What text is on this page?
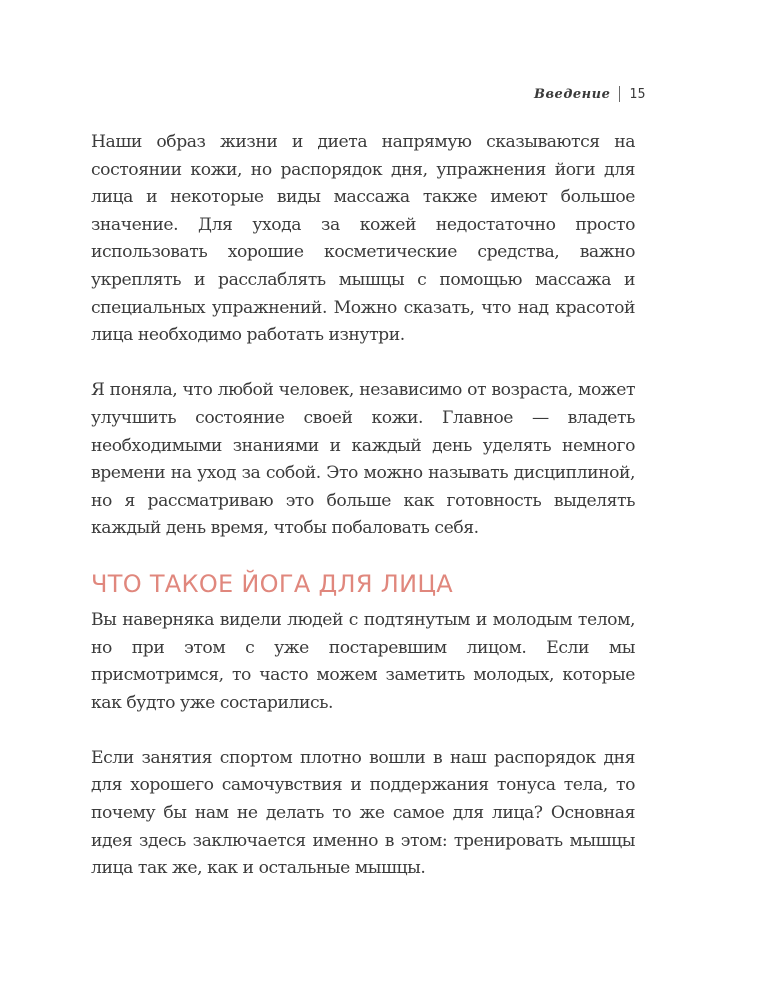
Введение 15

Наши образ жизни и диета напрямую сказываются на состоянии кожи, но распорядок дня, упражнения йоги для лица и некоторые виды массажа также имеют большое значение. Для ухода за кожей недостаточно просто использовать хорошие косметические средства, важно укреплять и расслаблять мышцы с помощью массажа и специальных упражнений. Можно сказать, что над красотой лица необходимо работать изнутри.

Я поняла, что любой человек, независимо от возраста, может улучшить состояние своей кожи. Главное — владеть необходимыми знаниями и каждый день уделять немного времени на уход за собой. Это можно называть дисциплиной, но я рассматриваю это больше как готовность выделять каждый день время, чтобы побаловать себя.

ЧТО ТАКОЕ ЙОГА ДЛЯ ЛИЦА

Вы наверняка видели людей с подтянутым и молодым телом, но при этом с уже постаревшим лицом. Если мы присмотримся, то часто можем заметить молодых, которые как будто уже состарились.

Если занятия спортом плотно вошли в наш распорядок дня для хорошего самочувствия и поддержания тонуса тела, то почему бы нам не делать то же самое для лица? Основная идея здесь заключается именно в этом: тренировать мышцы лица так же, как и остальные мышцы.
